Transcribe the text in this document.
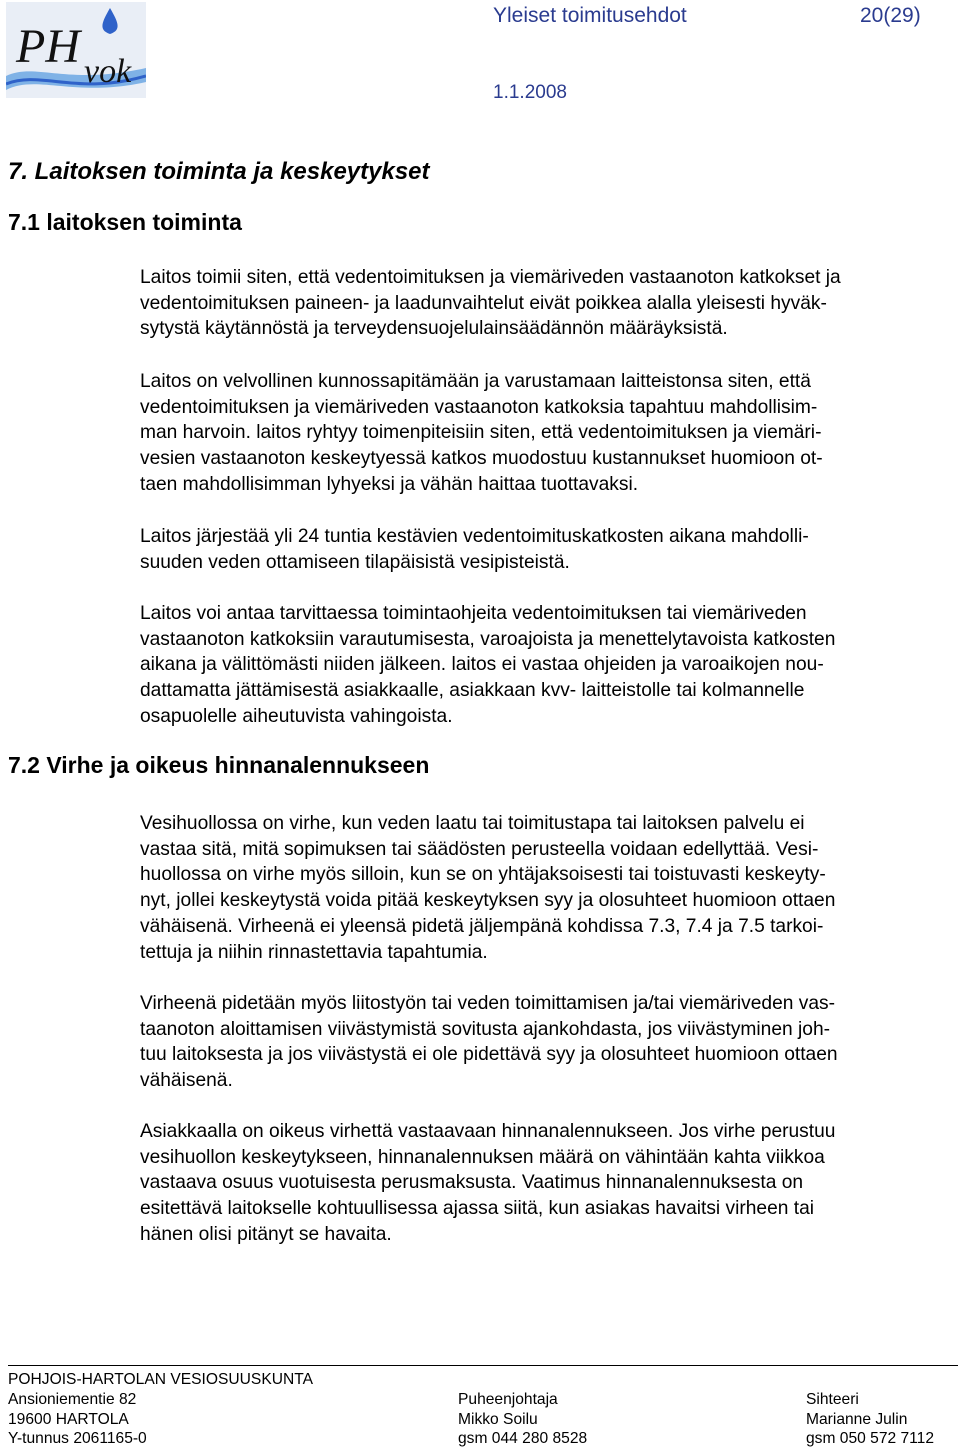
PH vok
Yleiset toimitusehdot	20(29)
1.1.2008
7. Laitoksen toiminta ja keskeytykset
7.1 laitoksen toiminta

Laitos toimii siten, että vedentoimituksen ja viemäriveden vastaanoton katkokset ja
vedentoimituksen paineen- ja laadunvaihtelut eivät poikkea alalla yleisesti hyväk-
sytystä käytännöstä ja terveydensuojelulainsäädännön määräyksistä.

Laitos on velvollinen kunnossapitämään ja varustamaan laitteistonsa siten, että
vedentoimituksen ja viemäriveden vastaanoton katkoksia tapahtuu mahdollisim-
man harvoin. laitos ryhtyy toimenpiteisiin siten, että vedentoimituksen ja viemäri-
vesien vastaanoton keskeytyessä katkos muodostuu kustannukset huomioon ot-
taen mahdollisimman lyhyeksi ja vähän haittaa tuottavaksi.

Laitos järjestää yli 24 tuntia kestävien vedentoimituskatkosten aikana mahdolli-
suuden veden ottamiseen tilapäisistä vesipisteistä.

Laitos voi antaa tarvittaessa toimintaohjeita vedentoimituksen tai viemäriveden
vastaanoton katkoksiin varautumisesta, varoajoista ja menettelytavoista katkosten
aikana ja välittömästi niiden jälkeen. laitos ei vastaa ohjeiden ja varoaikojen nou-
dattamatta jättämisestä asiakkaalle, asiakkaan kvv- laitteistolle tai kolmannelle
osapuolelle aiheutuvista vahingoista.

7.2 Virhe ja oikeus hinnanalennukseen

Vesihuollossa on virhe, kun veden laatu tai toimitustapa tai laitoksen palvelu ei
vastaa sitä, mitä sopimuksen tai säädösten perusteella voidaan edellyttää. Vesi-
huollossa on virhe myös silloin, kun se on yhtäjaksoisesti tai toistuvasti keskeyty-
nyt, jollei keskeytystä voida pitää keskeytyksen syy ja olosuhteet huomioon ottaen
vähäisenä. Virheenä ei yleensä pidetä jäljempänä kohdissa 7.3, 7.4 ja 7.5 tarkoi-
tettuja ja niihin rinnastettavia tapahtumia.

Virheenä pidetään myös liitostyön tai veden toimittamisen ja/tai viemäriveden vas-
taanoton aloittamisen viivästymistä sovitusta ajankohdasta, jos viivästyminen joh-
tuu laitoksesta ja jos viivästystä ei ole pidettävä syy ja olosuhteet huomioon ottaen
vähäisenä.

Asiakkaalla on oikeus virhettä vastaavaan hinnanalennukseen. Jos virhe perustuu
vesihuollon keskeytykseen, hinnanalennuksen määrä on vähintään kahta viikkoa
vastaava osuus vuotuisesta perusmaksusta. Vaatimus hinnanalennuksesta on
esitettävä laitokselle kohtuullisessa ajassa siitä, kun asiakas havaitsi virheen tai
hänen olisi pitänyt se havaita.

POHJOIS-HARTOLAN VESIOSUUSKUNTA
Ansioniementie 82
19600 HARTOLA
Y-tunnus 2061165-0
Puheenjohtaja
Mikko Soilu
gsm 044 280 8528
Sihteeri
Marianne Julin
gsm 050 572 7112
